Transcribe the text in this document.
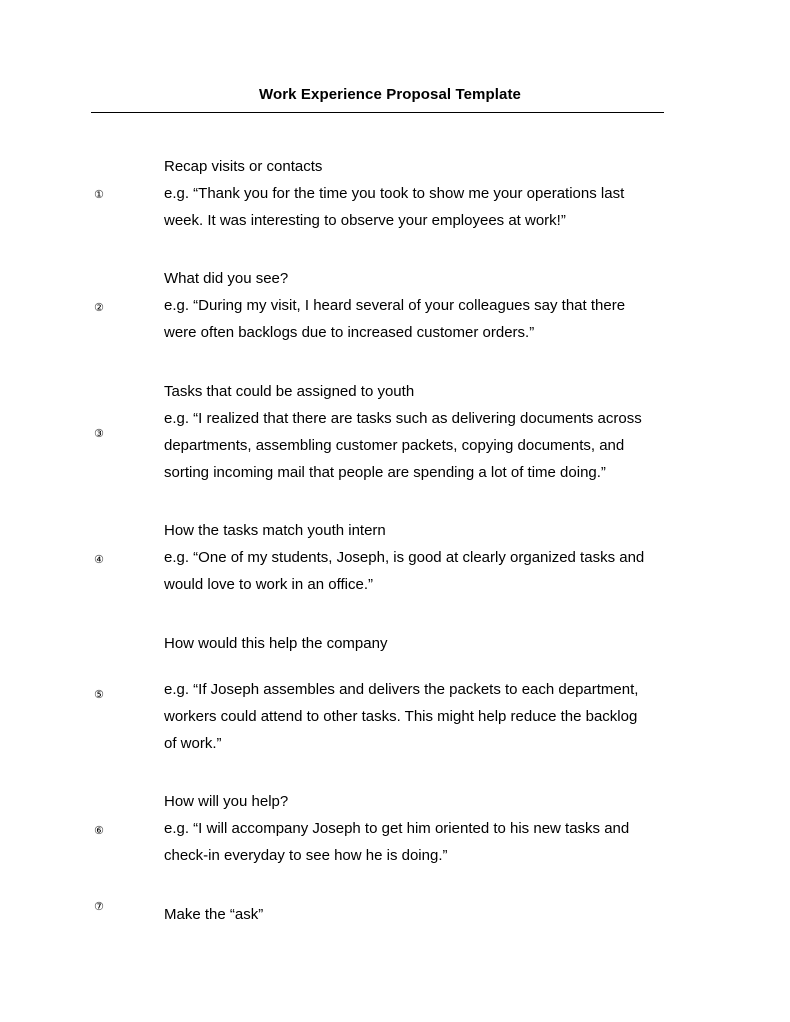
Work Experience Proposal Template
①
Recap visits or contacts
e.g. “Thank you for the time you took to show me your operations last
week. It was interesting to observe your employees at work!”
②
What did you see?
e.g. “During my visit, I heard several of your colleagues say that there
were often backlogs due to increased customer orders.”
③
Tasks that could be assigned to youth
e.g. “I realized that there are tasks such as delivering documents across
departments, assembling customer packets, copying documents, and
sorting incoming mail that people are spending a lot of time doing.”
④
How the tasks match youth intern
e.g. “One of my students, Joseph, is good at clearly organized tasks and
would love to work in an office.”
⑤
How would this help the company
e.g. “If Joseph assembles and delivers the packets to each department,
workers could attend to other tasks. This might help reduce the backlog
of work.”
⑥
How will you help?
e.g. “I will accompany Joseph to get him oriented to his new tasks and
check-in everyday to see how he is doing.”
⑦	Make the “ask”
